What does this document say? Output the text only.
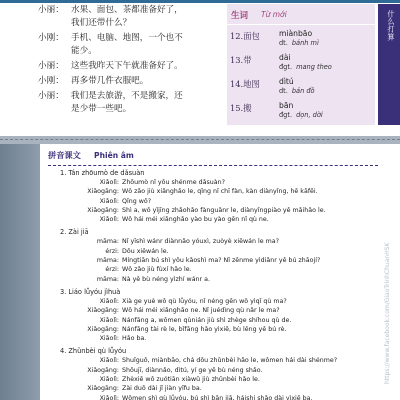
小丽： 水果、面包、茶都准备好了，
我们还带什么？
小刚： 手机、电脑、地图，一个也不
能少。
小丽： 这些我昨天下午就准备好了。
小刚： 再多带几件衣服吧。
小丽： 我们是去旅游，不是搬家，还
是少带一些吧。
生词 Từ mới
12.面包	miànbāo
dt. bánh mì
13.带	dài
đgt. mang theo
14.地图	dìtú
dt. bản đồ
15.搬	bān
đgt. dọn, dời
什么打算
https://www.facebook.com/GiaoTrinhChuanHSK
拼音课文 Phiên âm
1. Tán zhōumò de dǎsuàn
Xiǎolì: Zhōumò nǐ yǒu shénme dǎsuàn?
Xiǎogāng: Wǒ zǎo jiù xiǎnghǎo le, qǐng nǐ chī fàn, kàn diànyǐng, hē kāfēi.
Xiǎolì: Qǐng wǒ?
Xiǎogāng: Shì a, wǒ yǐjīng zhǎohǎo fànguǎnr le, diànyǐngpiào yě mǎihǎo le.
Xiǎolì: Wǒ hái méi xiǎnghǎo yào bu yào gēn nǐ qù ne.
2. Zài jiā
māma: Nǐ yīshì wánr diànnǎo yóuxì, zuòyè xiěwán le ma?
érzi: Dōu xiěwán le.
māma: Míngtiān bú shì yǒu kǎoshì ma? Nǐ zěnme yìdiǎnr yě bú zhāojí?
érzi: Wǒ zǎo jiù fùxí hǎo le.
māma: Nà yě bù néng yìzhí wánr a.
3. Liáo lǚyóu jìhuà
Xiǎolì: Xià ge yuè wǒ qù lǚyóu, nǐ néng gēn wǒ yìqǐ qù ma?
Xiǎogāng: Wǒ hái méi xiǎnghǎo ne. Nǐ juédìng qù nǎr le ma?
Xiǎolì: Nánfāng a, wǒmen qùnián jiù shì zhège shíhou qù de.
Xiǎogāng: Nánfāng tài rè le, bǐfāng hǎo yìxiē, bù lěng yě bú rè.
Xiǎolì: Hǎo ba.
4. Zhǔnbèi qù lǚyóu
Xiǎolì: Shuǐguǒ, miànbāo, chá dōu zhǔnbèi hǎo le, wǒmen hái dài shénme?
Xiǎogāng: Shǒujī, diànnǎo, dìtú, yí ge yě bù néng shǎo.
Xiǎolì: Zhèxiē wǒ zuótiān xiàwǔ jiù zhǔnbèi hǎo le.
Xiǎogāng: Zài duō dài jǐ jiàn yīfu ba.
Xiǎolì: Wǒmen shì qù lǚyóu, bú shì bān jiā, háishi shǎo dài yìxiē ba.
